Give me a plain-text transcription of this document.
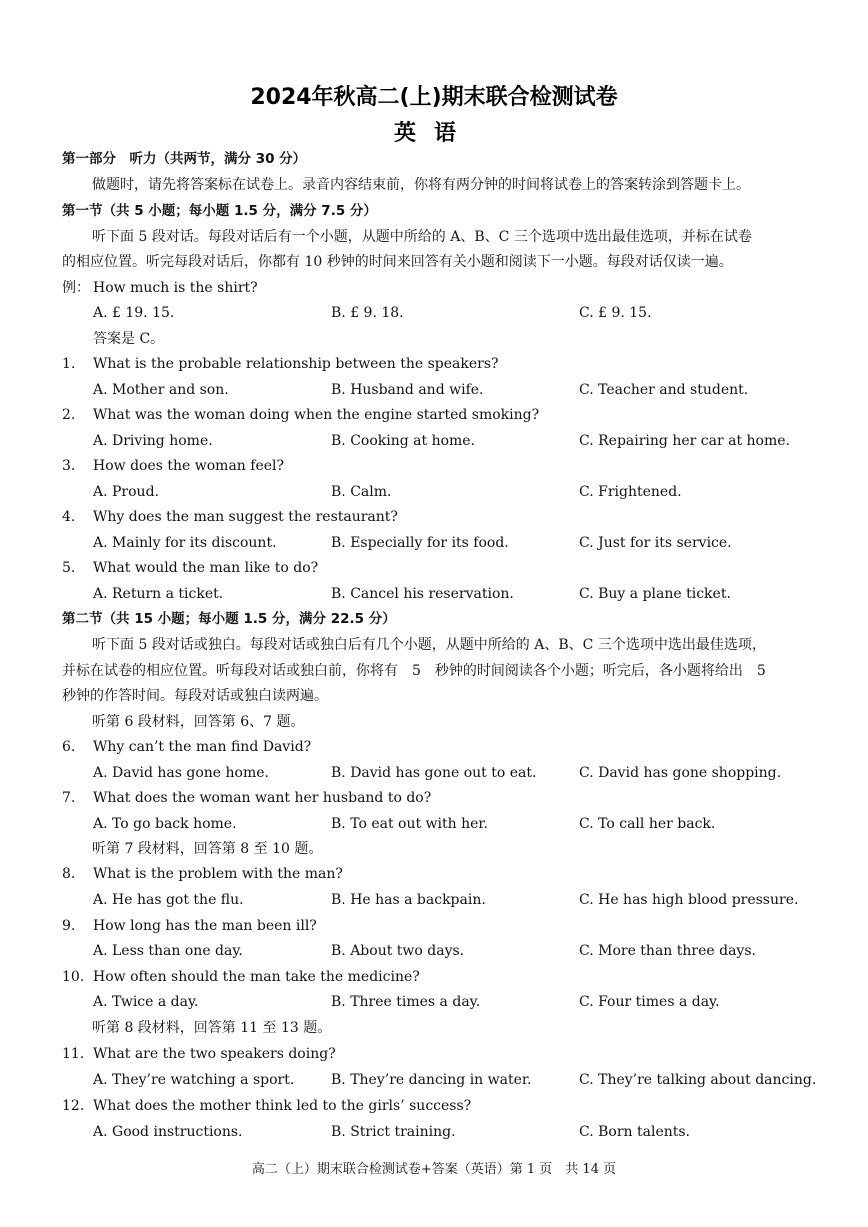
2024年秋高二(上)期末联合检测试卷
英语
第一部分　听力（共两节，满分 30 分）
做题时，请先将答案标在试卷上。录音内容结束前，你将有两分钟的时间将试卷上的答案转涂到答题卡上。
第一节（共 5 小题；每小题 1.5 分，满分 7.5 分）
听下面 5 段对话。每段对话后有一个小题，从题中所给的 A、B、C 三个选项中选出最佳选项，并标在试卷
的相应位置。听完每段对话后，你都有 10 秒钟的时间来回答有关小题和阅读下一小题。每段对话仅读一遍。
例： How much is the shirt?
A. £ 19. 15.	B. £ 9. 18.	C. £ 9. 15.
答案是 C。
1. What is the probable relationship between the speakers?
A. Mother and son.	B. Husband and wife.	C. Teacher and student.
2. What was the woman doing when the engine started smoking?
A. Driving home.	B. Cooking at home.	C. Repairing her car at home.
3. How does the woman feel?
A. Proud.	B. Calm.	C. Frightened.
4. Why does the man suggest the restaurant?
A. Mainly for its discount.	B. Especially for its food.	C. Just for its service.
5. What would the man like to do?
A. Return a ticket.	B. Cancel his reservation.	C. Buy a plane ticket.
第二节（共 15 小题；每小题 1.5 分，满分 22.5 分）
听下面 5 段对话或独白。每段对话或独白后有几个小题，从题中所给的 A、B、C 三个选项中选出最佳选项，
并标在试卷的相应位置。听每段对话或独白前，你将有　5　秒钟的时间阅读各个小题；听完后，各小题将给出　5
秒钟的作答时间。每段对话或独白读两遍。
听第 6 段材料，回答第 6、7 题。
6. Why can’t the man find David?
A. David has gone home.	B. David has gone out to eat.	C. David has gone shopping.
7. What does the woman want her husband to do?
A. To go back home.	B. To eat out with her.	C. To call her back.
听第 7 段材料，回答第 8 至 10 题。
8. What is the problem with the man?
A. He has got the flu.	B. He has a backpain.	C. He has high blood pressure.
9. How long has the man been ill?
A. Less than one day.	B. About two days.	C. More than three days.
10. How often should the man take the medicine?
A. Twice a day.	B. Three times a day.	C. Four times a day.
听第 8 段材料，回答第 11 至 13 题。
11. What are the two speakers doing?
A. They’re watching a sport.	B. They’re dancing in water.	C. They’re talking about dancing.
12. What does the mother think led to the girls’ success?
A. Good instructions.	B. Strict training.	C. Born talents.
高二（上）期末联合检测试卷+答案（英语）第 1 页　共 14 页
